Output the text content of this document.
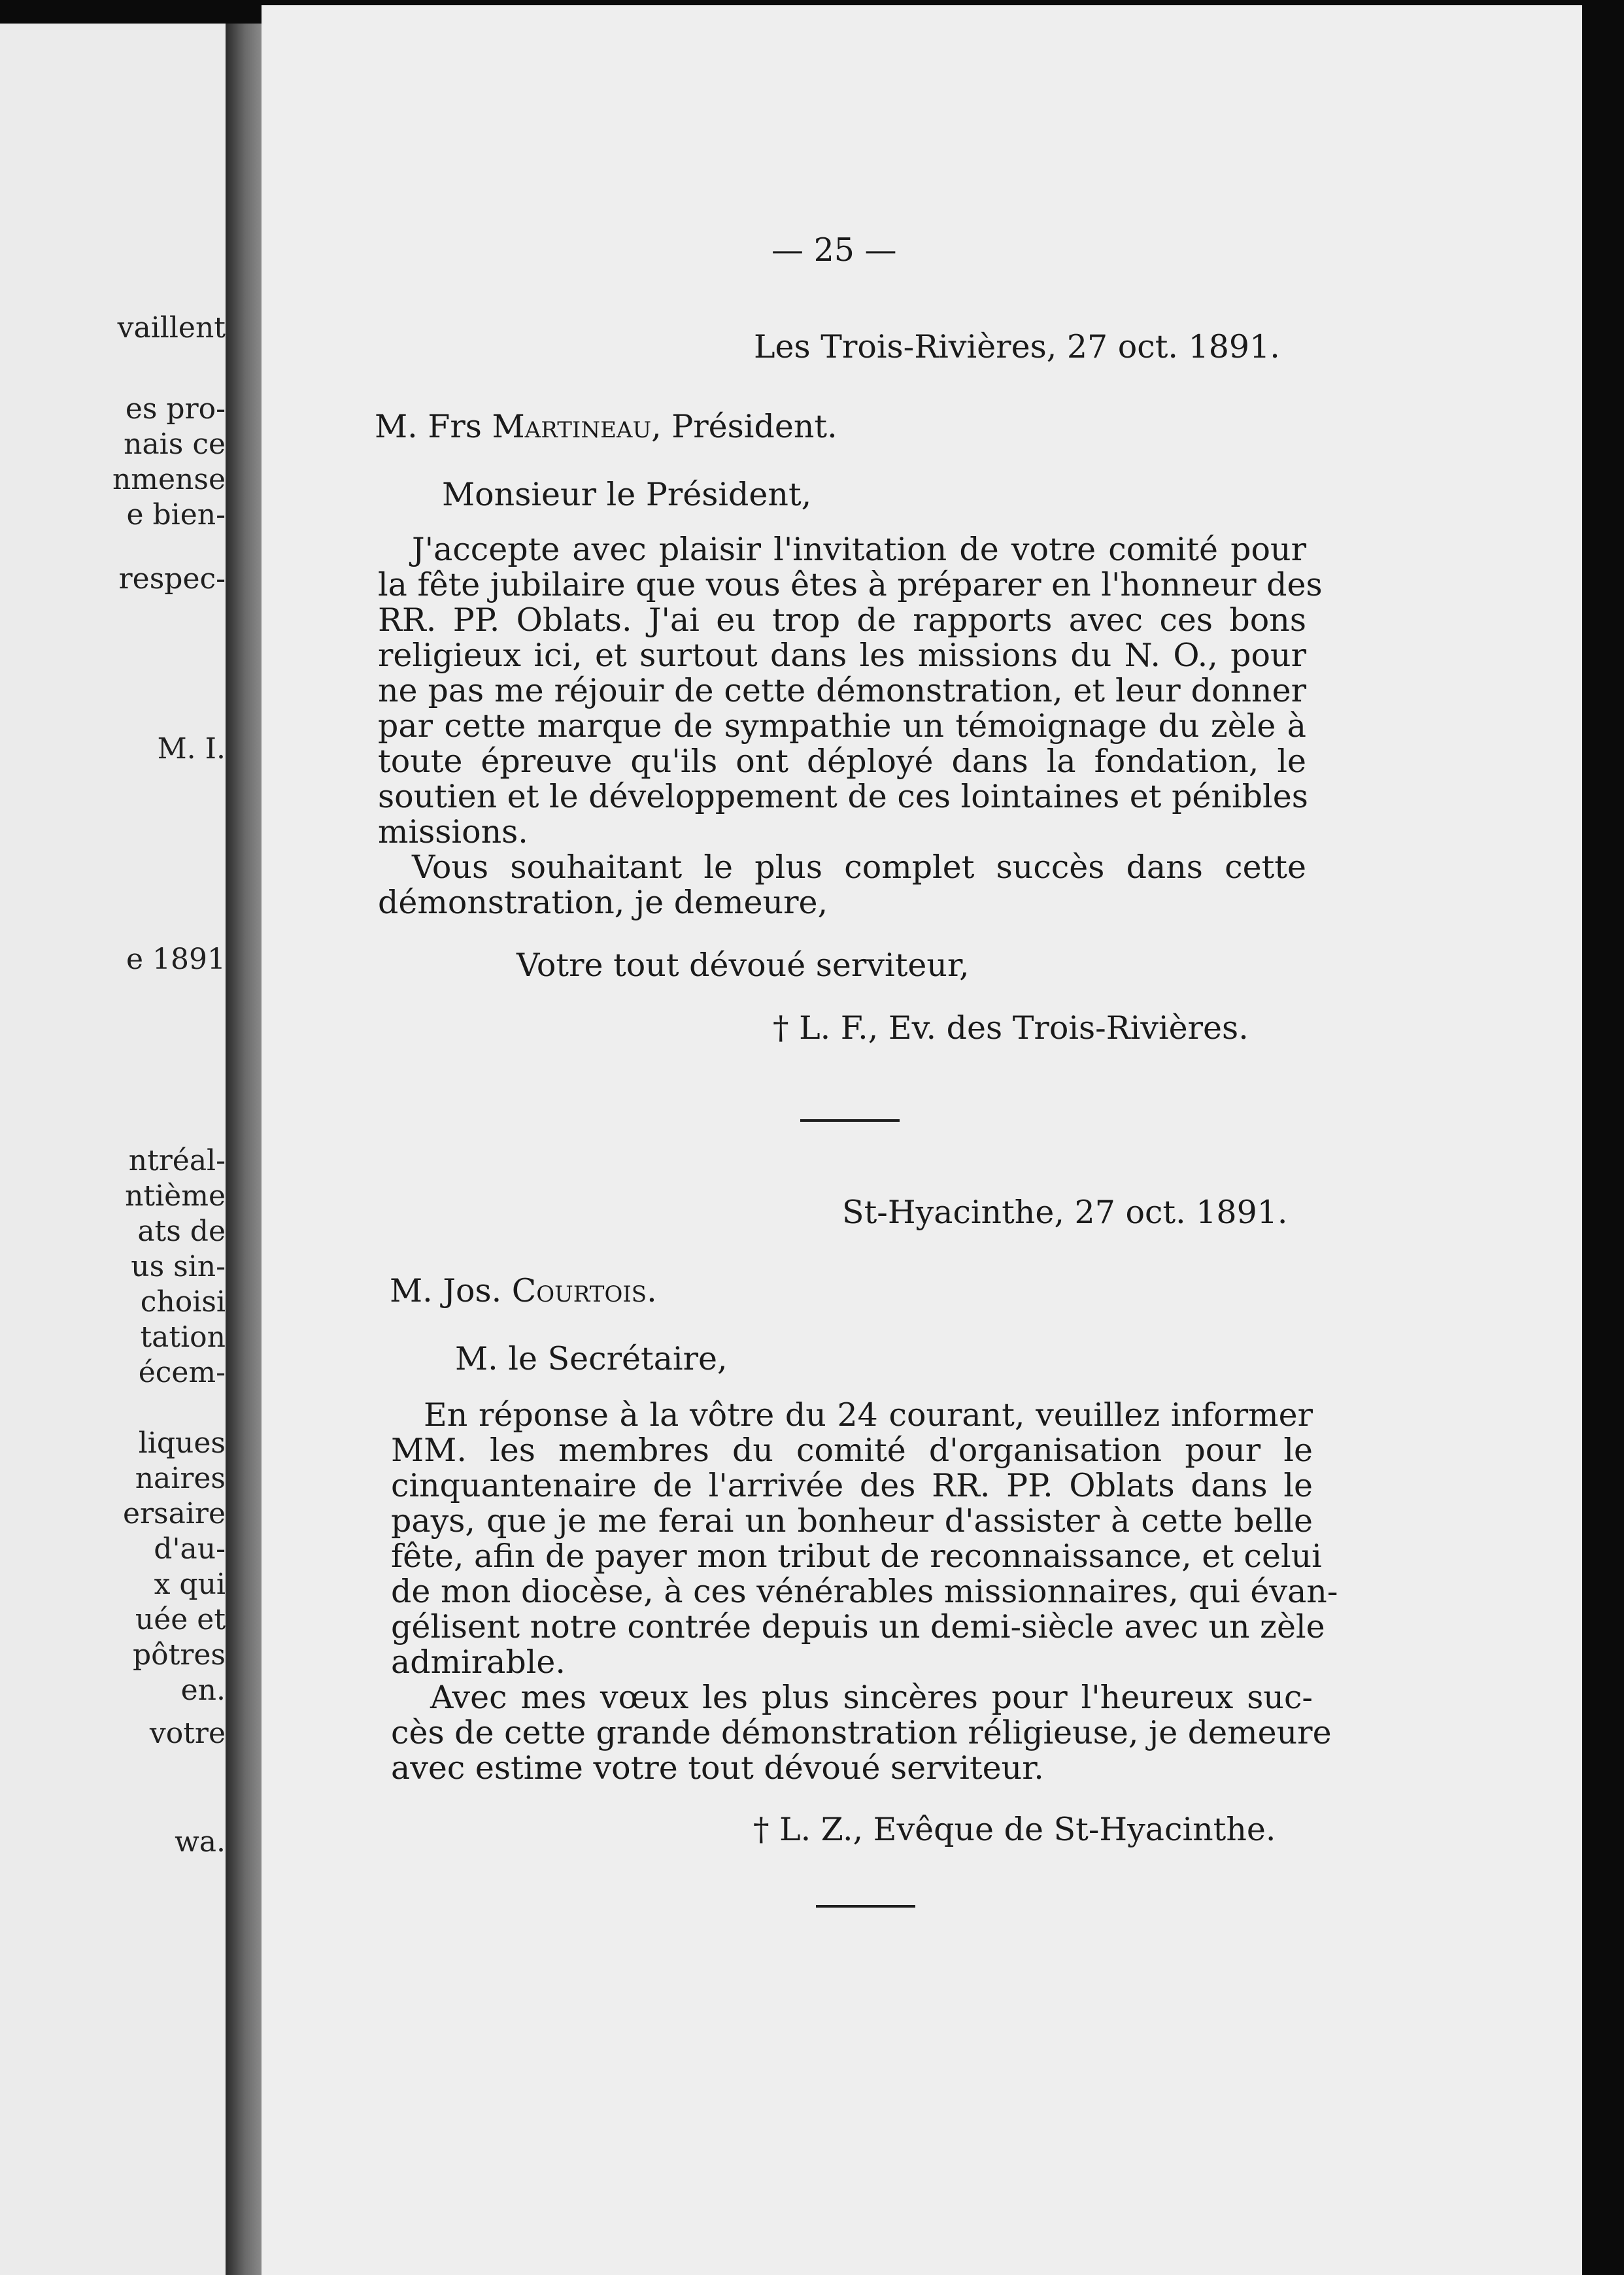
vaillent
es pro-
nais ce
nmense
e bien-
respec-
M. I.
e 1891
ntréal-
ntième
ats de
us sin-
choisi
tation
écem-
liques
naires
ersaire
d'au-
x qui
uée et
pôtres
en.
votre
wa.
— 25 —
Les Trois-Rivières, 27 oct. 1891.
M. Frs Martineau, Président.
Monsieur le Président,
J'accepte avec plaisir l'invitation de votre comité pour
la fête jubilaire que vous êtes à préparer en l'honneur des
RR. PP. Oblats. J'ai eu trop de rapports avec ces bons
religieux ici, et surtout dans les missions du N. O., pour
ne pas me réjouir de cette démonstration, et leur donner
par cette marque de sympathie un témoignage du zèle à
toute épreuve qu'ils ont déployé dans la fondation, le
soutien et le développement de ces lointaines et pénibles
missions.
Vous souhaitant le plus complet succès dans cette
démonstration, je demeure,
Votre tout dévoué serviteur,
† L. F., Ev. des Trois-Rivières.
St-Hyacinthe, 27 oct. 1891.
M. Jos. Courtois.
M. le Secrétaire,
En réponse à la vôtre du 24 courant, veuillez informer
MM. les membres du comité d'organisation pour le
cinquantenaire de l'arrivée des RR. PP. Oblats dans le
pays, que je me ferai un bonheur d'assister à cette belle
fête, afin de payer mon tribut de reconnaissance, et celui
de mon diocèse, à ces vénérables missionnaires, qui évan-
gélisent notre contrée depuis un demi-siècle avec un zèle
admirable.
Avec mes vœux les plus sincères pour l'heureux suc-
cès de cette grande démonstration réligieuse, je demeure
avec estime votre tout dévoué serviteur.
† L. Z., Evêque de St-Hyacinthe.
